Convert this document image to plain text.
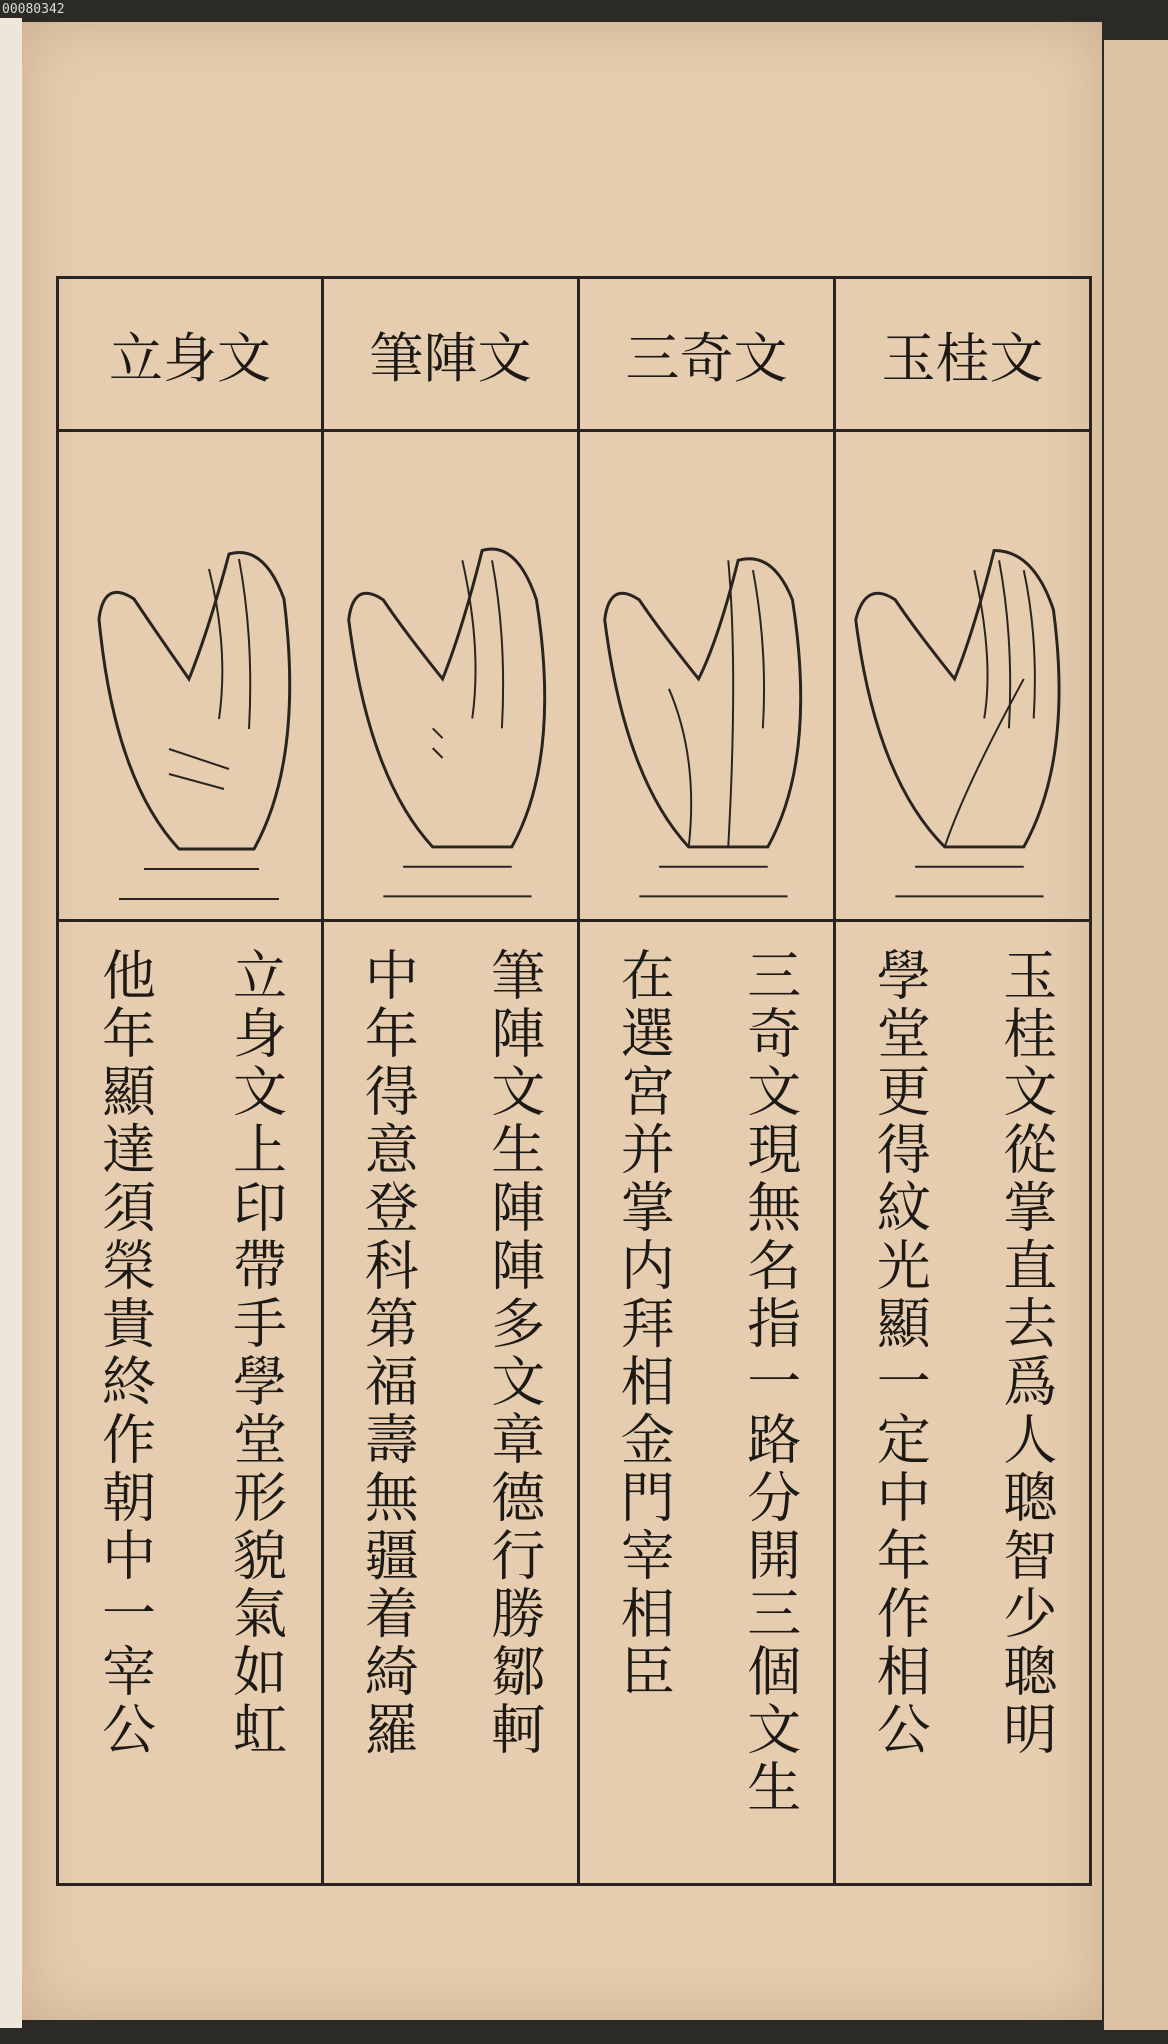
00080342
玉桂文
玉桂文從掌直去爲人聰智少聰明
學堂更得紋光顯一定中年作相公
三奇文
三奇文現無名指一路分開三個文生
在選宮并掌内拜相金門宰相臣
筆陣文
筆陣文生陣陣多文章德行勝鄒軻
中年得意登科第福壽無疆着綺羅
立身文
立身文上印帶手學堂形貌氣如虹
他年顯達須榮貴終作朝中一宰公
